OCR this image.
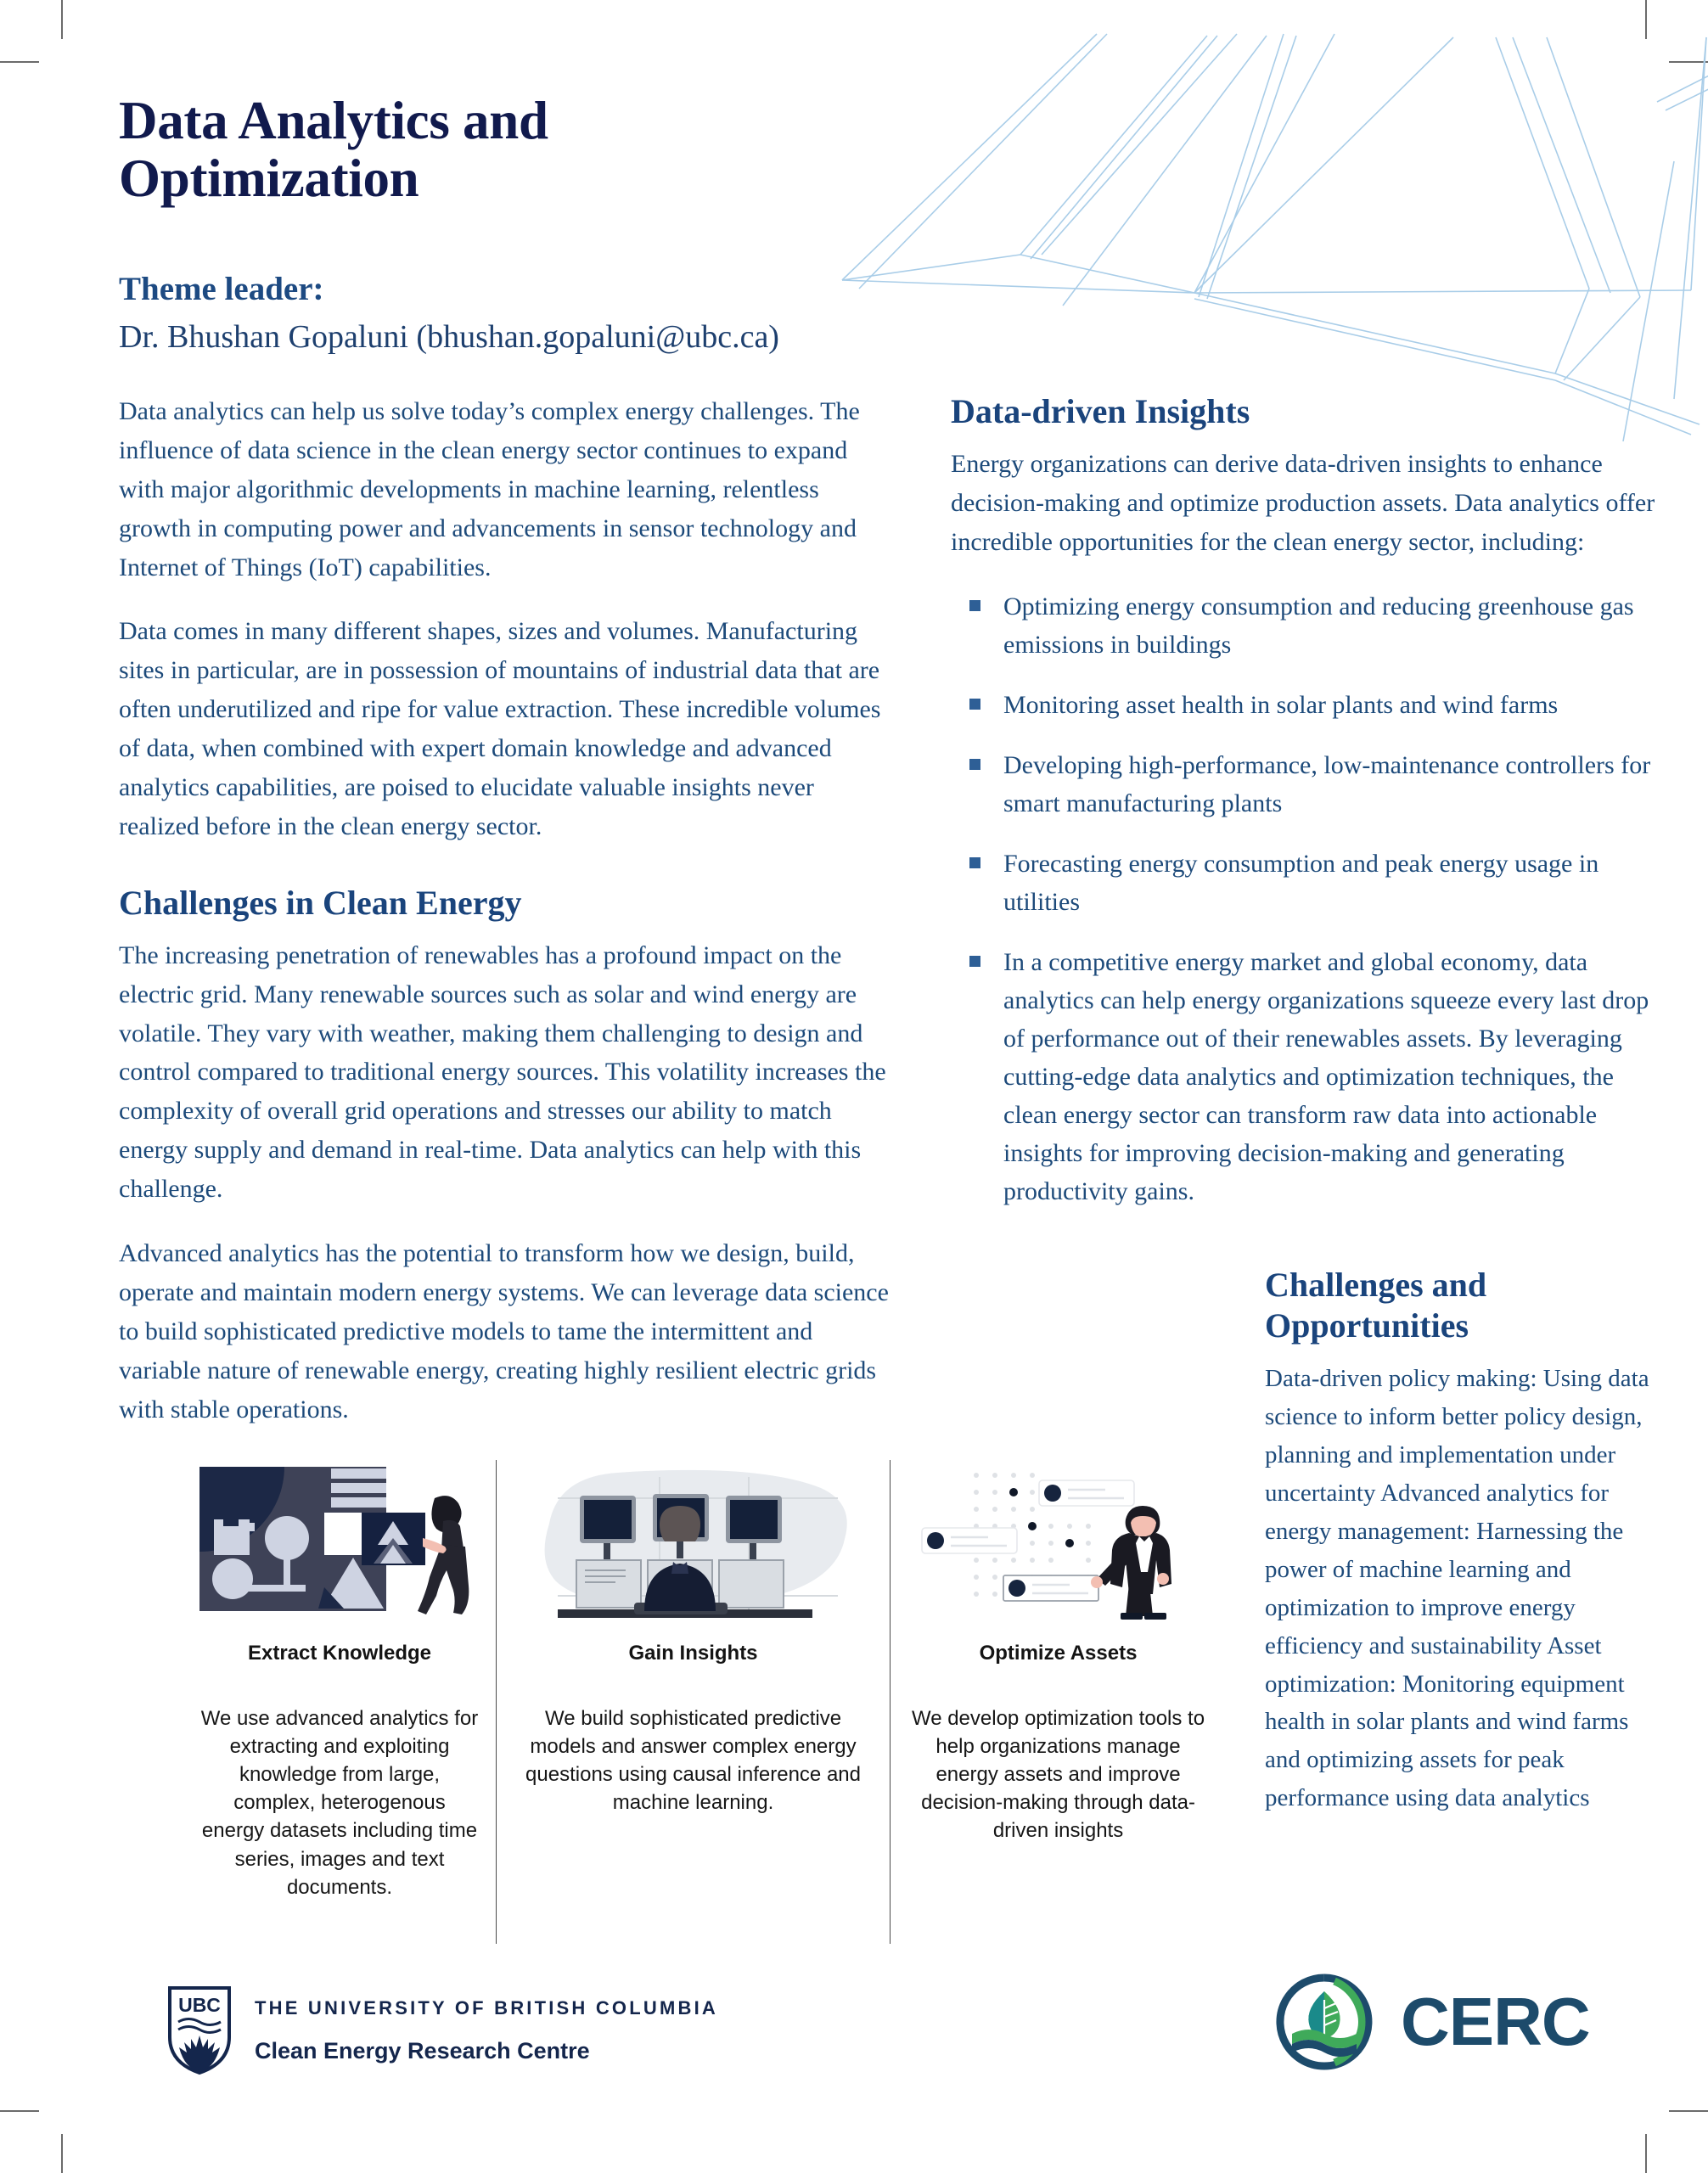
Data Analytics and
Optimization
Theme leader:
Dr. Bhushan Gopaluni (bhushan.gopaluni@ubc.ca)

Data analytics can help us solve today’s complex energy challenges. The influence of data science in the clean energy sector continues to expand with major algorithmic developments in machine learning, relentless growth in computing power and advancements in sensor technology and Internet of Things (IoT) capabilities.

Data comes in many different shapes, sizes and volumes. Manufacturing sites in particular, are in possession of mountains of industrial data that are often underutilized and ripe for value extraction. These incredible volumes of data, when combined with expert domain knowledge and advanced analytics capabilities, are poised to elucidate valuable insights never realized before in the clean energy sector.

Challenges in Clean Energy

The increasing penetration of renewables has a profound impact on the electric grid. Many renewable sources such as solar and wind energy are volatile. They vary with weather, making them challenging to design and control compared to traditional energy sources. This volatility increases the complexity of overall grid operations and stresses our ability to match energy supply and demand in real-time. Data analytics can help with this challenge.

Advanced analytics has the potential to transform how we design, build, operate and maintain modern energy systems. We can leverage data science to build sophisticated predictive models to tame the intermittent and variable nature of renewable energy, creating highly resilient electric grids with stable operations.

Data-driven Insights

Energy organizations can derive data-driven insights to enhance decision-making and optimize production assets. Data analytics offer incredible opportunities for the clean energy sector, including:

Optimizing energy consumption and reducing greenhouse gas emissions in buildings
Monitoring asset health in solar plants and wind farms
Developing high-performance, low-maintenance controllers for smart manufacturing plants
Forecasting energy consumption and peak energy usage in utilities
In a competitive energy market and global economy, data analytics can help energy organizations squeeze every last drop of performance out of their renewables assets. By leveraging cutting-edge data analytics and optimization techniques, the clean energy sector can transform raw data into actionable insights for improving decision-making and generating productivity gains.
Challenges and
Opportunities

Data-driven policy making: Using data science to inform better policy design, planning and implementation under uncertainty Advanced analytics for energy management: Harnessing the power of machine learning and optimization to improve energy efficiency and sustainability Asset optimization: Monitoring equipment health in solar plants and wind farms and optimizing assets for peak performance using data analytics

Extract Knowledge
We use advanced analytics for extracting and exploiting knowledge from large, complex, heterogenous energy datasets including time series, images and text documents.
Gain Insights
We build sophisticated predictive models and answer complex energy questions using causal inference and machine learning.
Optimize Assets
We develop optimization tools to help organizations manage energy assets and improve decision-making through data-driven insights
UBC THE UNIVERSITY OF BRITISH COLUMBIA
Clean Energy Research Centre	CERC
